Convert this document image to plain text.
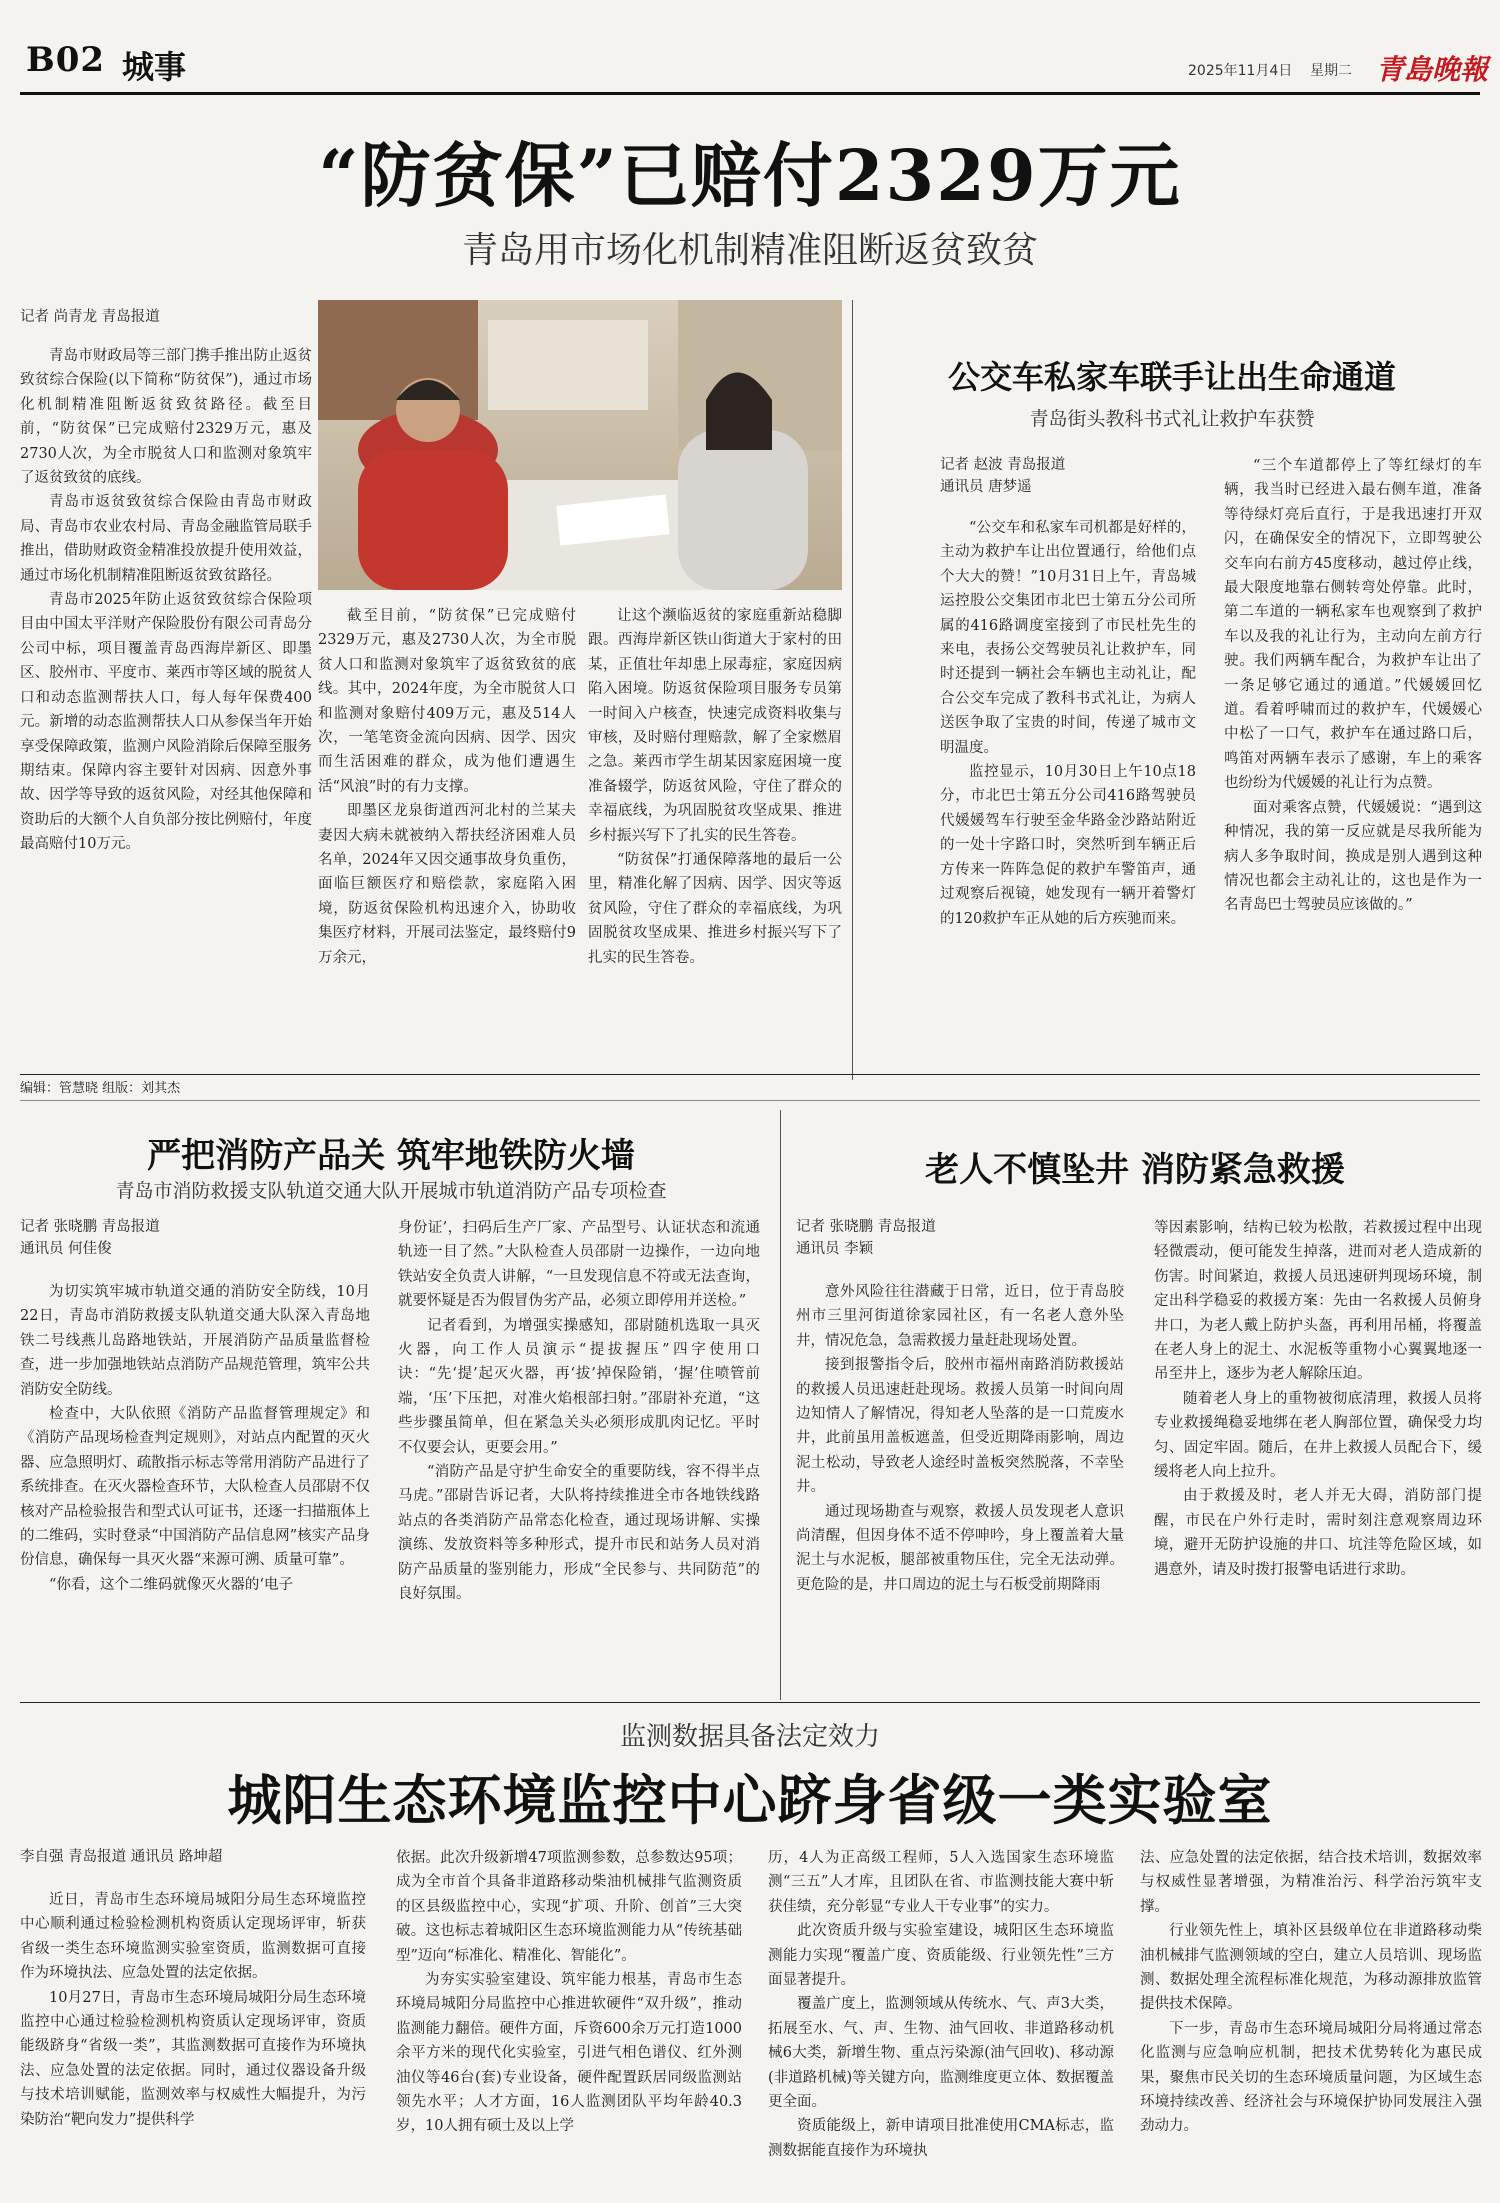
B02 城事	2025年11月4日 星期二 青島晚報
“防贫保”已赔付2329万元
青岛用市场化机制精准阻断返贫致贫
记者 尚青龙 青岛报道

青岛市财政局等三部门携手推出防止返贫致贫综合保险(以下简称“防贫保”)，通过市场化机制精准阻断返贫致贫路径。截至目前，“防贫保”已完成赔付2329万元，惠及2730人次，为全市脱贫人口和监测对象筑牢了返贫致贫的底线。

青岛市返贫致贫综合保险由青岛市财政局、青岛市农业农村局、青岛金融监管局联手推出，借助财政资金精准投放提升使用效益，通过市场化机制精准阻断返贫致贫路径。

青岛市2025年防止返贫致贫综合保险项目由中国太平洋财产保险股份有限公司青岛分公司中标，项目覆盖青岛西海岸新区、即墨区、胶州市、平度市、莱西市等区域的脱贫人口和动态监测帮扶人口，每人每年保费400元。新增的动态监测帮扶人口从参保当年开始享受保障政策，监测户风险消除后保障至服务期结束。保障内容主要针对因病、因意外事故、因学等导致的返贫风险，对经其他保障和资助后的大额个人自负部分按比例赔付，年度最高赔付10万元。

截至目前，“防贫保”已完成赔付2329万元，惠及2730人次，为全市脱贫人口和监测对象筑牢了返贫致贫的底线。其中，2024年度，为全市脱贫人口和监测对象赔付409万元，惠及514人次，一笔笔资金流向因病、因学、因灾而生活困难的群众，成为他们遭遇生活“风浪”时的有力支撑。

即墨区龙泉街道西河北村的兰某夫妻因大病未就被纳入帮扶经济困难人员名单，2024年又因交通事故身负重伤，面临巨额医疗和赔偿款，家庭陷入困境，防返贫保险机构迅速介入，协助收集医疗材料，开展司法鉴定，最终赔付9万余元，

让这个濒临返贫的家庭重新站稳脚跟。西海岸新区铁山街道大于家村的田某，正值壮年却患上尿毒症，家庭因病陷入困境。防返贫保险项目服务专员第一时间入户核查，快速完成资料收集与审核，及时赔付理赔款，解了全家燃眉之急。莱西市学生胡某因家庭困境一度准备辍学，防返贫风险，守住了群众的幸福底线，为巩固脱贫攻坚成果、推进乡村振兴写下了扎实的民生答卷。

“防贫保”打通保障落地的最后一公里，精准化解了因病、因学、因灾等返贫风险，守住了群众的幸福底线，为巩固脱贫攻坚成果、推进乡村振兴写下了扎实的民生答卷。

公交车私家车联手让出生命通道
青岛街头教科书式礼让救护车获赞
记者 赵波 青岛报道
通讯员 唐梦遥

“公交车和私家车司机都是好样的，主动为救护车让出位置通行，给他们点个大大的赞！”10月31日上午，青岛城运控股公交集团市北巴士第五分公司所属的416路调度室接到了市民杜先生的来电，表扬公交驾驶员礼让救护车，同时还提到一辆社会车辆也主动礼让，配合公交车完成了教科书式礼让，为病人送医争取了宝贵的时间，传递了城市文明温度。

监控显示，10月30日上午10点18分，市北巴士第五分公司416路驾驶员代媛媛驾车行驶至金华路金沙路站附近的一处十字路口时，突然听到车辆正后方传来一阵阵急促的救护车警笛声，通过观察后视镜，她发现有一辆开着警灯的120救护车正从她的后方疾驰而来。

“三个车道都停上了等红绿灯的车辆，我当时已经进入最右侧车道，准备等待绿灯亮后直行，于是我迅速打开双闪，在确保安全的情况下，立即驾驶公交车向右前方45度移动，越过停止线，最大限度地靠右侧转弯处停靠。此时，第二车道的一辆私家车也观察到了救护车以及我的礼让行为，主动向左前方行驶。我们两辆车配合，为救护车让出了一条足够它通过的通道。”代媛媛回忆道。看着呼啸而过的救护车，代媛媛心中松了一口气，救护车在通过路口后，鸣笛对两辆车表示了感谢，车上的乘客也纷纷为代媛媛的礼让行为点赞。

面对乘客点赞，代媛媛说：“遇到这种情况，我的第一反应就是尽我所能为病人多争取时间，换成是别人遇到这种情况也都会主动礼让的，这也是作为一名青岛巴士驾驶员应该做的。”

编辑：管慧晓 组版：刘其杰
严把消防产品关 筑牢地铁防火墙
青岛市消防救援支队轨道交通大队开展城市轨道消防产品专项检查
记者 张晓鹏 青岛报道
通讯员 何佳俊

为切实筑牢城市轨道交通的消防安全防线，10月22日，青岛市消防救援支队轨道交通大队深入青岛地铁二号线燕儿岛路地铁站，开展消防产品质量监督检查，进一步加强地铁站点消防产品规范管理，筑牢公共消防安全防线。

检查中，大队依照《消防产品监督管理规定》和《消防产品现场检查判定规则》，对站点内配置的灭火器、应急照明灯、疏散指示标志等常用消防产品进行了系统排查。在灭火器检查环节，大队检查人员邵尉不仅核对产品检验报告和型式认可证书，还逐一扫描瓶体上的二维码，实时登录“中国消防产品信息网”核实产品身份信息，确保每一具灭火器“来源可溯、质量可靠”。

“你看，这个二维码就像灭火器的‘电子

身份证’，扫码后生产厂家、产品型号、认证状态和流通轨迹一目了然。”大队检查人员邵尉一边操作，一边向地铁站安全负责人讲解，“一旦发现信息不符或无法查询，就要怀疑是否为假冒伪劣产品，必须立即停用并送检。”

记者看到，为增强实操感知，邵尉随机选取一具灭火器，向工作人员演示“提拔握压”四字使用口诀：“先‘提’起灭火器，再‘拔’掉保险销，‘握’住喷管前端，‘压’下压把，对准火焰根部扫射。”邵尉补充道，“这些步骤虽简单，但在紧急关头必须形成肌肉记忆。平时不仅要会认，更要会用。”

“消防产品是守护生命安全的重要防线，容不得半点马虎。”邵尉告诉记者，大队将持续推进全市各地铁线路站点的各类消防产品常态化检查，通过现场讲解、实操演练、发放资料等多种形式，提升市民和站务人员对消防产品质量的鉴别能力，形成“全民参与、共同防范”的良好氛围。

老人不慎坠井 消防紧急救援
记者 张晓鹏 青岛报道
通讯员 李颖

意外风险往往潜藏于日常，近日，位于青岛胶州市三里河街道徐家园社区，有一名老人意外坠井，情况危急，急需救援力量赶赴现场处置。

接到报警指令后，胶州市福州南路消防救援站的救援人员迅速赶赴现场。救援人员第一时间向周边知情人了解情况，得知老人坠落的是一口荒废水井，此前虽用盖板遮盖，但受近期降雨影响，周边泥土松动，导致老人途经时盖板突然脱落，不幸坠井。

通过现场勘查与观察，救援人员发现老人意识尚清醒，但因身体不适不停呻吟，身上覆盖着大量泥土与水泥板，腿部被重物压住，完全无法动弹。更危险的是，井口周边的泥土与石板受前期降雨

等因素影响，结构已较为松散，若救援过程中出现轻微震动，便可能发生掉落，进而对老人造成新的伤害。时间紧迫，救援人员迅速研判现场环境，制定出科学稳妥的救援方案：先由一名救援人员俯身井口，为老人戴上防护头盔，再利用吊桶，将覆盖在老人身上的泥土、水泥板等重物小心翼翼地逐一吊至井上，逐步为老人解除压迫。

随着老人身上的重物被彻底清理，救援人员将专业救援绳稳妥地绑在老人胸部位置，确保受力均匀、固定牢固。随后，在井上救援人员配合下，缓缓将老人向上拉升。

由于救援及时，老人并无大碍，消防部门提醒，市民在户外行走时，需时刻注意观察周边环境，避开无防护设施的井口、坑洼等危险区域，如遇意外，请及时拨打报警电话进行求助。

监测数据具备法定效力
城阳生态环境监控中心跻身省级一类实验室
李自强 青岛报道 通讯员 路坤超

近日，青岛市生态环境局城阳分局生态环境监控中心顺利通过检验检测机构资质认定现场评审，斩获省级一类生态环境监测实验室资质，监测数据可直接作为环境执法、应急处置的法定依据。

10月27日，青岛市生态环境局城阳分局生态环境监控中心通过检验检测机构资质认定现场评审，资质能级跻身“省级一类”，其监测数据可直接作为环境执法、应急处置的法定依据。同时，通过仪器设备升级与技术培训赋能，监测效率与权威性大幅提升，为污染防治“靶向发力”提供科学

依据。此次升级新增47项监测参数，总参数达95项；成为全市首个具备非道路移动柴油机械排气监测资质的区县级监控中心，实现“扩项、升阶、创首”三大突破。这也标志着城阳区生态环境监测能力从“传统基础型”迈向“标准化、精准化、智能化”。

为夯实实验室建设、筑牢能力根基，青岛市生态环境局城阳分局监控中心推进软硬件“双升级”，推动监测能力翻倍。硬件方面，斥资600余万元打造1000余平方米的现代化实验室，引进气相色谱仪、红外测油仪等46台(套)专业设备，硬件配置跃居同级监测站领先水平；人才方面，16人监测团队平均年龄40.3岁，10人拥有硕士及以上学

历，4人为正高级工程师，5人入选国家生态环境监测“三五”人才库，且团队在省、市监测技能大赛中斩获佳绩，充分彰显“专业人干专业事”的实力。

此次资质升级与实验室建设，城阳区生态环境监测能力实现“覆盖广度、资质能级、行业领先性”三方面显著提升。

覆盖广度上，监测领域从传统水、气、声3大类，拓展至水、气、声、生物、油气回收、非道路移动机械6大类，新增生物、重点污染源(油气回收)、移动源(非道路机械)等关键方向，监测维度更立体、数据覆盖更全面。

资质能级上，新申请项目批准使用CMA标志，监测数据能直接作为环境执

法、应急处置的法定依据，结合技术培训，数据效率与权威性显著增强，为精准治污、科学治污筑牢支撑。

行业领先性上，填补区县级单位在非道路移动柴油机械排气监测领域的空白，建立人员培训、现场监测、数据处理全流程标准化规范，为移动源排放监管提供技术保障。

下一步，青岛市生态环境局城阳分局将通过常态化监测与应急响应机制，把技术优势转化为惠民成果，聚焦市民关切的生态环境质量问题，为区域生态环境持续改善、经济社会与环境保护协同发展注入强劲动力。
